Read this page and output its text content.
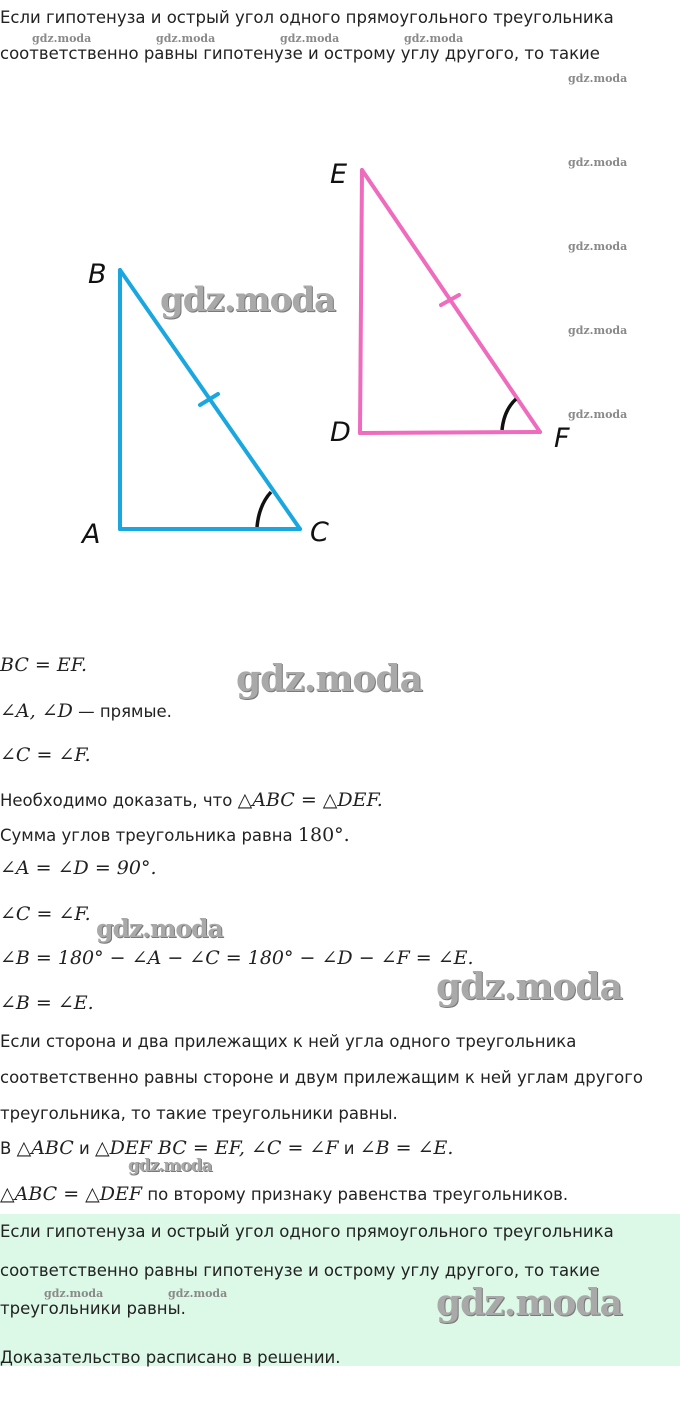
Если гипотенуза и острый угол одного прямоугольного треугольника
соответственно равны гипотенузе и острому углу другого, то такие
gdz.moda	gdz.moda	gdz.moda	gdz.moda
gdz.moda
gdz.moda
gdz.moda
gdz.moda
gdz.moda
B
A	C
E
D	F
gdz.moda
BC = EF.
∠A, ∠D — прямые.
∠C = ∠F.
gdz.moda
Необходимо доказать, что △ABC = △DEF.
Сумма углов треугольника равна 180°.
∠A = ∠D = 90°.
∠C = ∠F. gdz.moda
∠B = 180° − ∠A − ∠C = 180° − ∠D − ∠F = ∠E.
gdz.moda
∠B = ∠E.
Если сторона и два прилежащих к ней угла одного треугольника
соответственно равны стороне и двум прилежащим к ней углам другого
треугольника, то такие треугольники равны.
В △ABC и △DEF BC = EF, ∠C = ∠F и ∠B = ∠E.
gdz.moda
△ABC = △DEF по второму признаку равенства треугольников.
Если гипотенуза и острый угол одного прямоугольного треугольника
соответственно равны гипотенузе и острому углу другого, то такие
треугольники равны.
Доказательство расписано в решении.
gdz.moda	gdz.moda	gdz.moda
